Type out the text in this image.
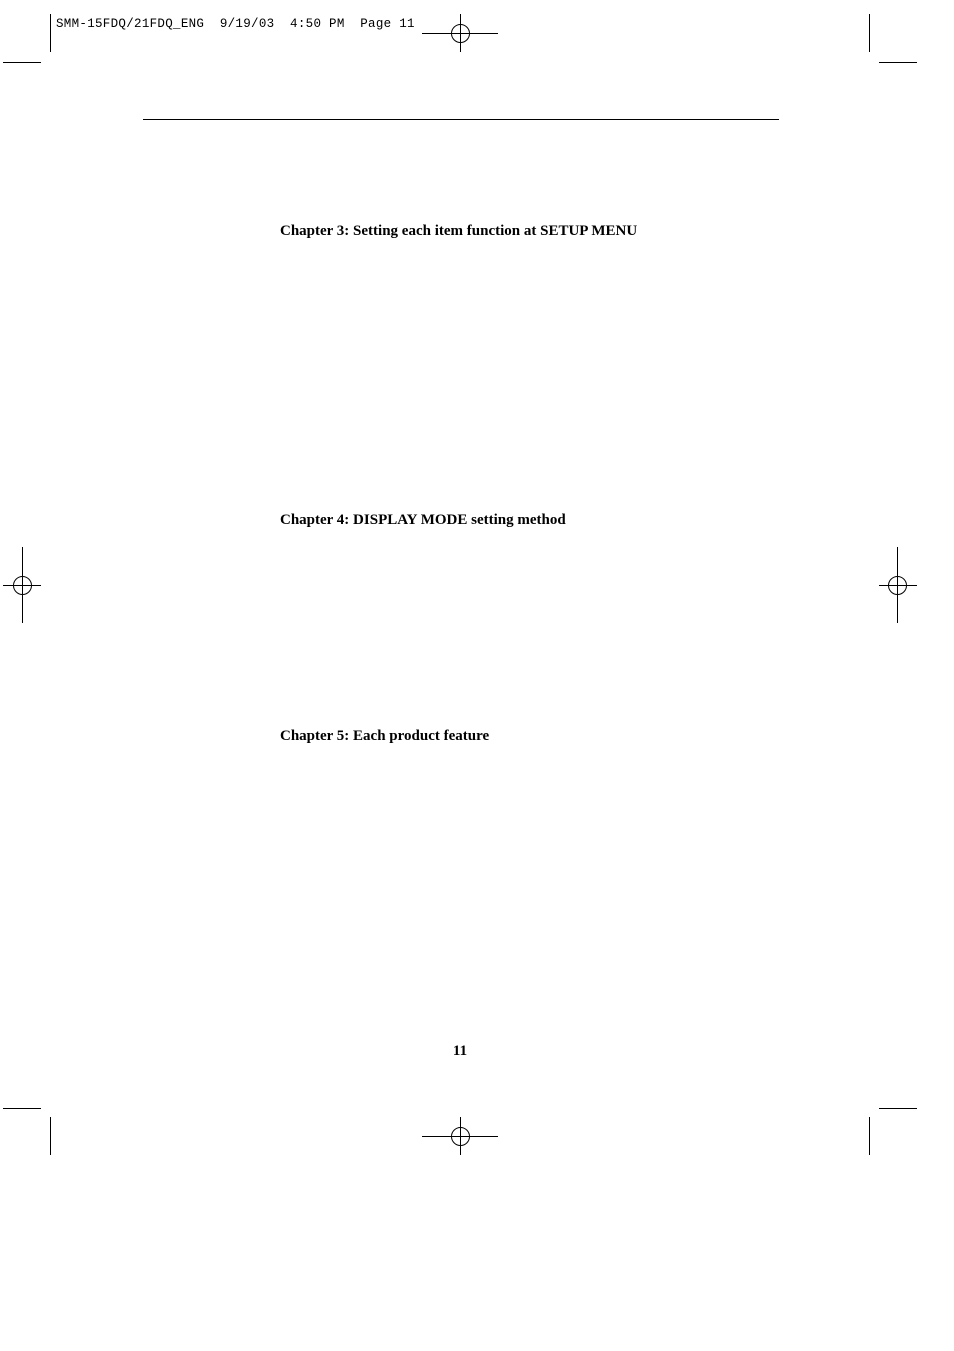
SMM-15FDQ/21FDQ_ENG  9/19/03  4:50 PM  Page 11
Chapter 3: Setting each item function at SETUP MENU
Chapter 4: DISPLAY MODE setting method
Chapter 5: Each product feature
11
